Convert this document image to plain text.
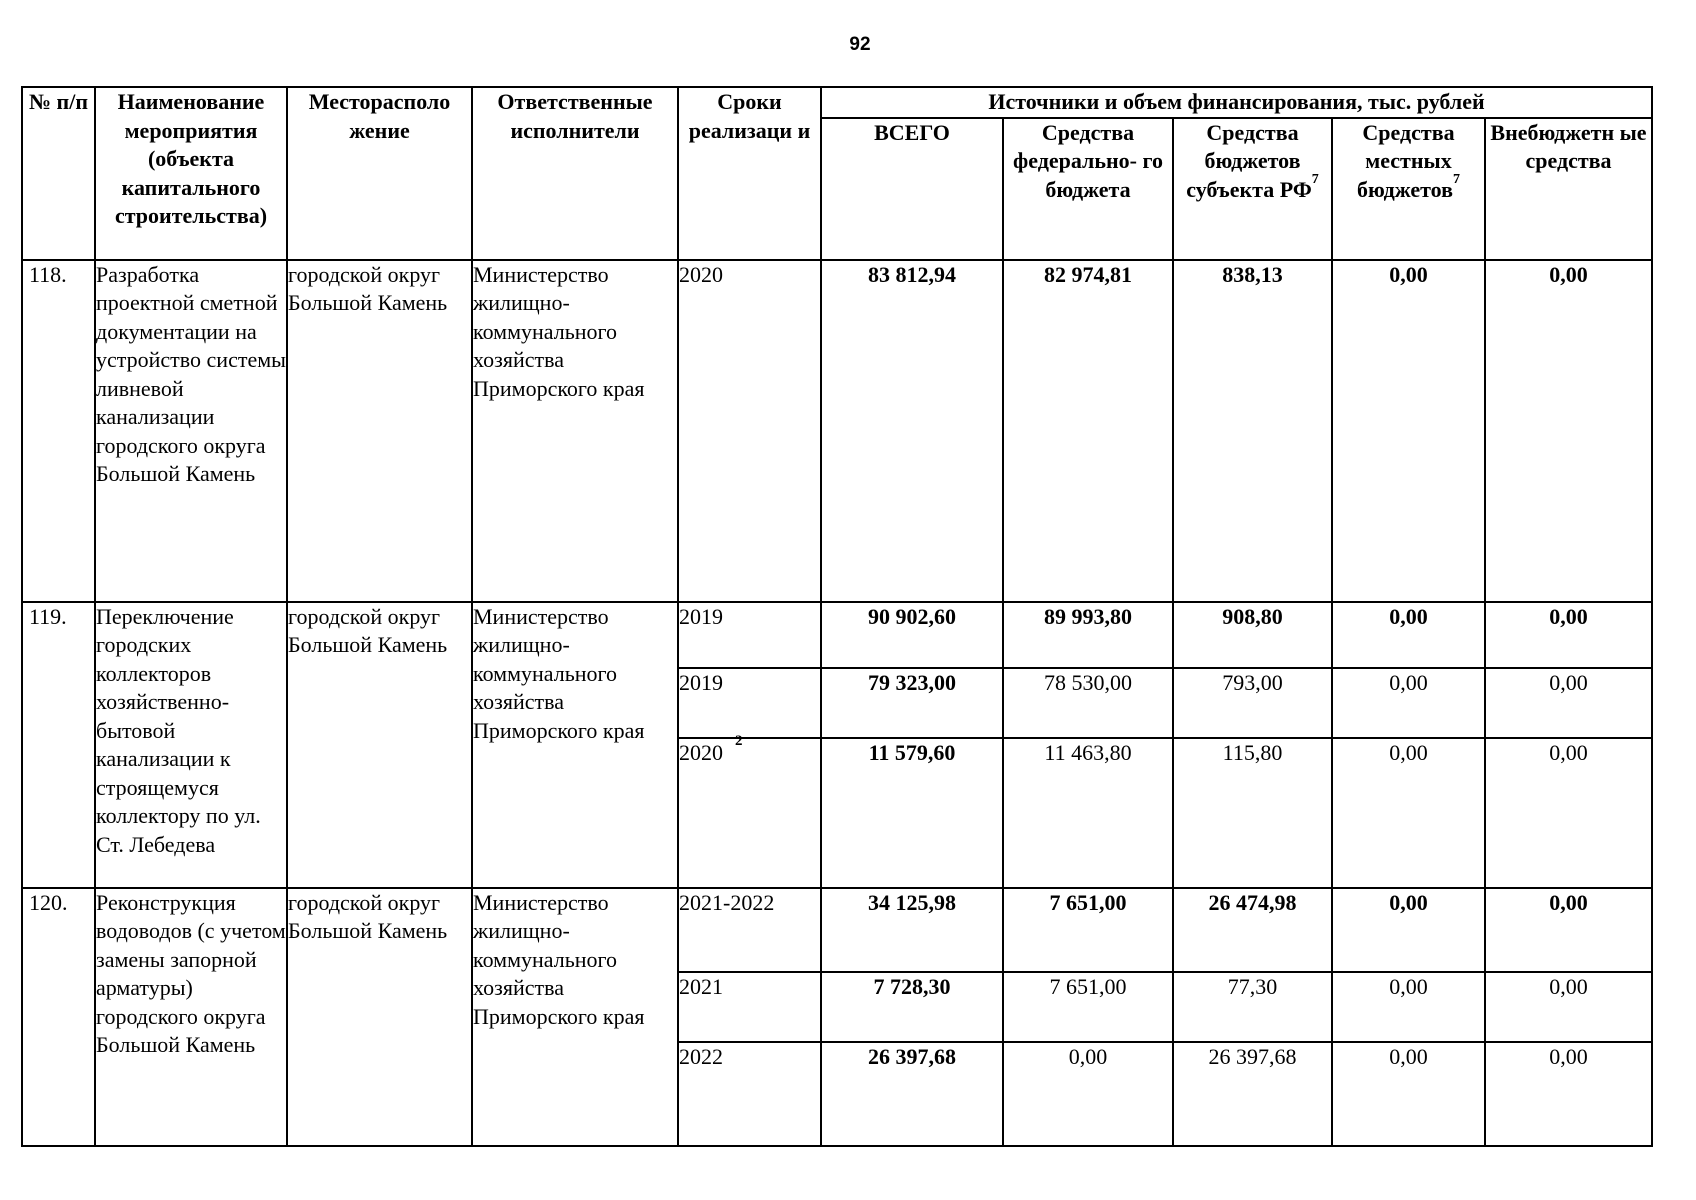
92
№ п/п	Наименование мероприятия (объекта капитального строительства)	Месторасполо жение	Ответственные исполнители	Сроки реализаци и	Источники и объем финансирования, тыс. рублей				
					ВСЕГО	Средства федерально- го бюджета	Средства бюджетов субъекта РФ$^7$	Средства местных бюджетов$^7$	Внебюджетн ые средства
118.	Разработка проектной сметной документации на устройство системы ливневой канализации городского округа Большой Камень	городской округ Большой Камень	Министерство жилищно- коммунального хозяйства Приморского края	2020	83 812,94	82 974,81	838,13	0,00	0,00
119.	Переключение городских коллекторов хозяйственно- бытовой канализации к строящемуся коллектору по ул. Ст. Лебедева	городской округ Большой Камень	Министерство жилищно- коммунального хозяйства Приморского края	2019	90 902,60	89 993,80	908,80	0,00	0,00
				2019	79 323,00	78 530,00	793,00	0,00	0,00
				2020 $^2$	11 579,60	11 463,80	115,80	0,00	0,00
120.	Реконструкция водоводов (с учетом замены запорной арматуры) городского округа Большой Камень	городской округ Большой Камень	Министерство жилищно- коммунального хозяйства Приморского края	2021-2022	34 125,98	7 651,00	26 474,98	0,00	0,00
				2021	7 728,30	7 651,00	77,30	0,00	0,00
				2022	26 397,68	0,00	26 397,68	0,00	0,00
